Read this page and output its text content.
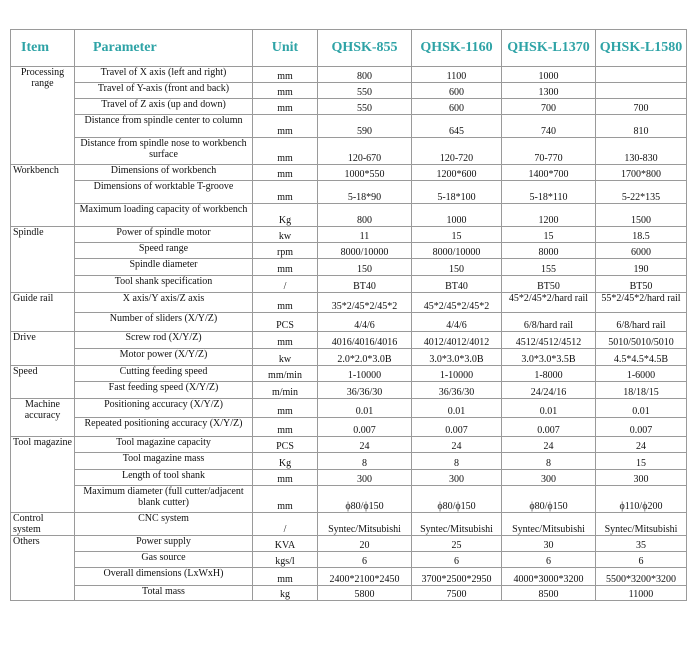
Item	Parameter	Unit	QHSK-855	QHSK-1160	QHSK-L1370	QHSK-L1580
Processing range	Travel of X axis (left and right)	mm	800	1100	1000	
	Travel of Y-axis (front and back)	mm	550	600	1300	
	Travel of Z axis (up and down)	mm	550	600	700	700
	Distance from spindle center to column	mm	590	645	740	810
	Distance from spindle nose to workbench surface	mm	120-670	120-720	70-770	130-830
Workbench	Dimensions of workbench	mm	1000*550	1200*600	1400*700	1700*800
	Dimensions of worktable T-groove	mm	5-18*90	5-18*100	5-18*110	5-22*135
	Maximum loading capacity of workbench	Kg	800	1000	1200	1500
Spindle	Power of spindle motor	kw	11	15	15	18.5
	Speed range	rpm	8000/10000	8000/10000	8000	6000
	Spindle diameter	mm	150	150	155	190
	Tool shank specification	/	BT40	BT40	BT50	BT50
Guide rail	X axis/Y axis/Z axis	mm	35*2/45*2/45*2	45*2/45*2/45*2	45*2/45*2/hard rail	55*2/45*2/hard rail
	Number of sliders (X/Y/Z)	PCS	4/4/6	4/4/6	6/8/hard rail	6/8/hard rail
Drive	Screw rod (X/Y/Z)	mm	4016/4016/4016	4012/4012/4012	4512/4512/4512	5010/5010/5010
	Motor power (X/Y/Z)	kw	2.0*2.0*3.0B	3.0*3.0*3.0B	3.0*3.0*3.5B	4.5*4.5*4.5B
Speed	Cutting feeding speed	mm/min	1-10000	1-10000	1-8000	1-6000
	Fast feeding speed (X/Y/Z)	m/min	36/36/30	36/36/30	24/24/16	18/18/15
Machine accuracy	Positioning accuracy (X/Y/Z)	mm	0.01	0.01	0.01	0.01
	Repeated positioning accuracy (X/Y/Z)	mm	0.007	0.007	0.007	0.007
Tool magazine	Tool magazine capacity	PCS	24	24	24	24
	Tool magazine mass	Kg	8	8	8	15
	Length of tool shank	mm	300	300	300	300
	Maximum diameter (full cutter/adjacent blank cutter)	mm	ϕ80/ϕ150	ϕ80/ϕ150	ϕ80/ϕ150	ϕ110/ϕ200
Control system	CNC system	/	Syntec/Mitsubishi	Syntec/Mitsubishi	Syntec/Mitsubishi	Syntec/Mitsubishi
Others	Power supply	KVA	20	25	30	35
	Gas source	kgs/l	6	6	6	6
	Overall dimensions (LxWxH)	mm	2400*2100*2450	3700*2500*2950	4000*3000*3200	5500*3200*3200
	Total mass	kg	5800	7500	8500	11000
